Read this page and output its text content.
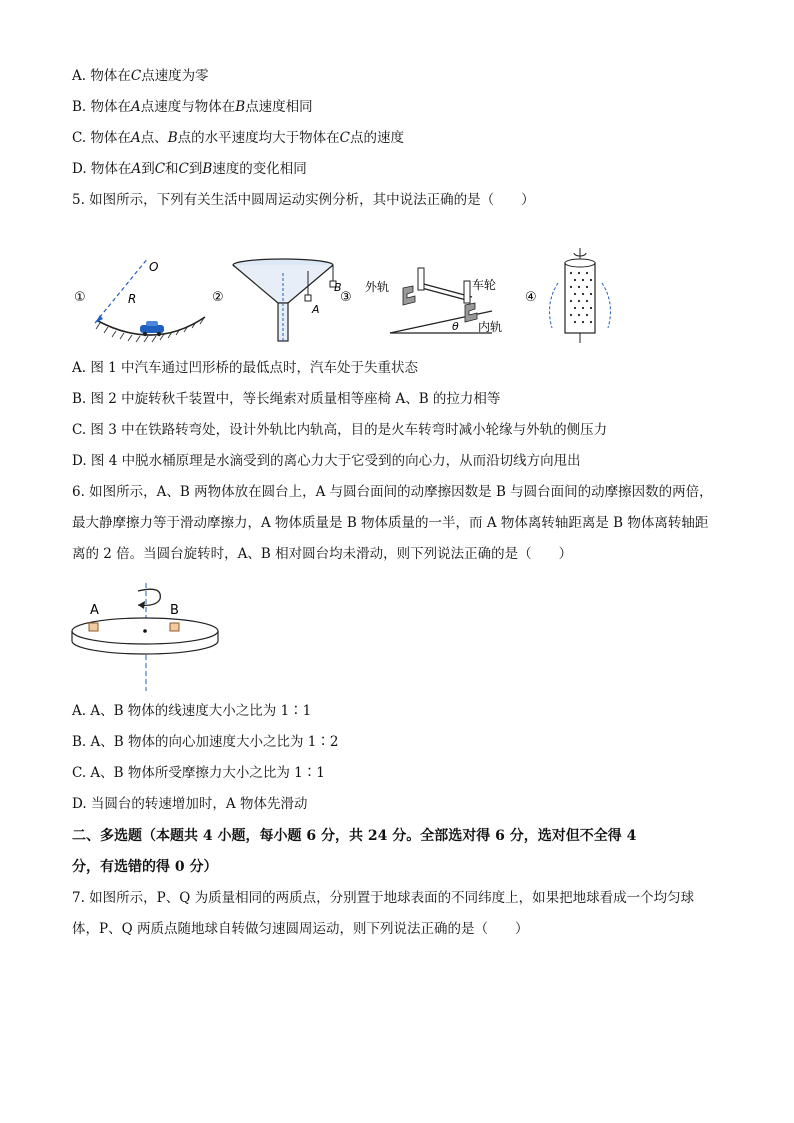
A. 物体在C点速度为零
B. 物体在A点速度与物体在B点速度相同
C. 物体在A点、B点的水平速度均大于物体在C点的速度
D. 物体在A到C和C到B速度的变化相同
5. 如图所示，下列有关生活中圆周运动实例分析，其中说法正确的是（　　）
①
O
R	②
A
B
③
外轨
θ
车轮
内轨
④
A. 图 1 中汽车通过凹形桥的最低点时，汽车处于失重状态
B. 图 2 中旋转秋千装置中，等长绳索对质量相等座椅 A、B 的拉力相等
C. 图 3 中在铁路转弯处，设计外轨比内轨高，目的是火车转弯时减小轮缘与外轨的侧压力
D. 图 4 中脱水桶原理是水滴受到的离心力大于它受到的向心力，从而沿切线方向甩出
6. 如图所示，A、B 两物体放在圆台上，A 与圆台面间的动摩擦因数是 B 与圆台面间的动摩擦因数的两倍，
最大静摩擦力等于滑动摩擦力，A 物体质量是 B 物体质量的一半，而 A 物体离转轴距离是 B 物体离转轴距
离的 2 倍。当圆台旋转时，A、B 相对圆台均未滑动，则下列说法正确的是（　　）
A	B
A. A、B 物体的线速度大小之比为 1∶1
B. A、B 物体的向心加速度大小之比为 1∶2
C. A、B 物体所受摩擦力大小之比为 1∶1
D. 当圆台的转速增加时，A 物体先滑动
二、多选题（本题共 4 小题，每小题 6 分，共 24 分。全部选对得 6 分，选对但不全得 4
分，有选错的得 0 分）
7. 如图所示，P、Q 为质量相同的两质点，分别置于地球表面的不同纬度上，如果把地球看成一个均匀球
体，P、Q 两质点随地球自转做匀速圆周运动，则下列说法正确的是（　　）
